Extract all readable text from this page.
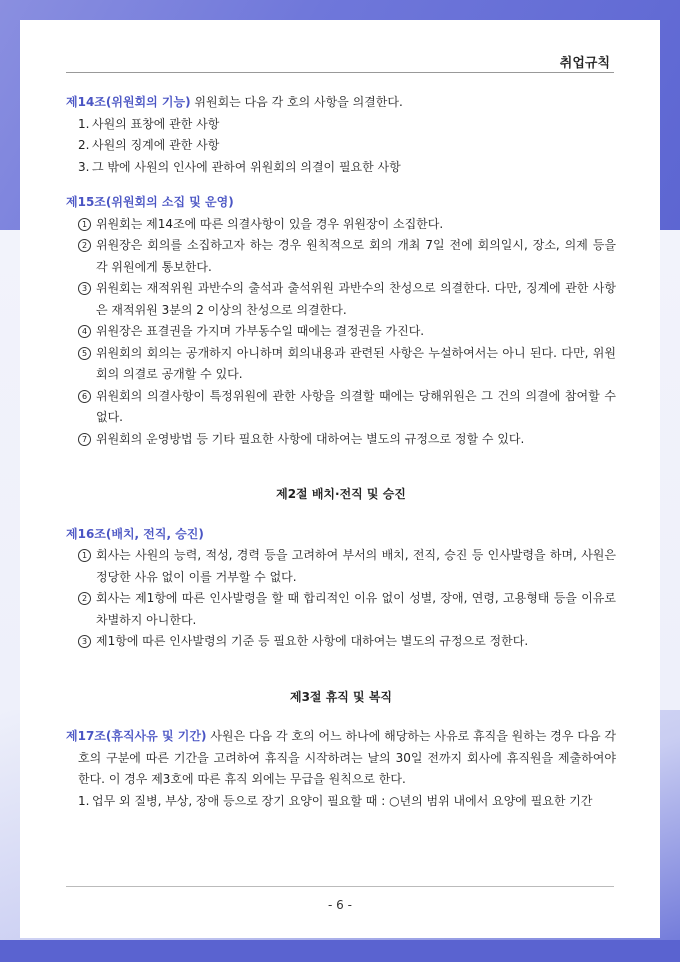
취업규칙
제14조(위원회의 기능) 위원회는 다음 각 호의 사항을 의결한다.
1. 사원의 표창에 관한 사항
2. 사원의 징계에 관한 사항
3. 그 밖에 사원의 인사에 관하여 위원회의 의결이 필요한 사항
제15조(위원회의 소집 및 운영)
1 위원회는 제14조에 따른 의결사항이 있을 경우 위원장이 소집한다.
2 위원장은 회의를 소집하고자 하는 경우 원칙적으로 회의 개최 7일 전에 회의일시, 장소, 의제 등을 각 위원에게 통보한다.
3 위원회는 재적위원 과반수의 출석과 출석위원 과반수의 찬성으로 의결한다. 다만, 징계에 관한 사항은 재적위원 3분의 2 이상의 찬성으로 의결한다.
4 위원장은 표결권을 가지며 가부동수일 때에는 결정권을 가진다.
5 위원회의 회의는 공개하지 아니하며 회의내용과 관련된 사항은 누설하여서는 아니 된다. 다만, 위원회의 의결로 공개할 수 있다.
6 위원회의 의결사항이 특정위원에 관한 사항을 의결할 때에는 당해위원은 그 건의 의결에 참여할 수 없다.
7 위원회의 운영방법 등 기타 필요한 사항에 대하여는 별도의 규정으로 정할 수 있다.
제2절 배치·전직 및 승진
제16조(배치, 전직, 승진)
1 회사는 사원의 능력, 적성, 경력 등을 고려하여 부서의 배치, 전직, 승진 등 인사발령을 하며, 사원은 정당한 사유 없이 이를 거부할 수 없다.
2 회사는 제1항에 따른 인사발령을 할 때 합리적인 이유 없이 성별, 장애, 연령, 고용형태 등을 이유로 차별하지 아니한다.
3 제1항에 따른 인사발령의 기준 등 필요한 사항에 대하여는 별도의 규정으로 정한다.
제3절 휴직 및 복직
제17조(휴직사유 및 기간) 사원은 다음 각 호의 어느 하나에 해당하는 사유로 휴직을 원하는 경우 다음 각 호의 구분에 따른 기간을 고려하여 휴직을 시작하려는 날의 30일 전까지 회사에 휴직원을 제출하여야 한다. 이 경우 제3호에 따른 휴직 외에는 무급을 원칙으로 한다.
1. 업무 외 질병, 부상, 장애 등으로 장기 요양이 필요할 때 : ○년의 범위 내에서 요양에 필요한 기간
- 6 -
